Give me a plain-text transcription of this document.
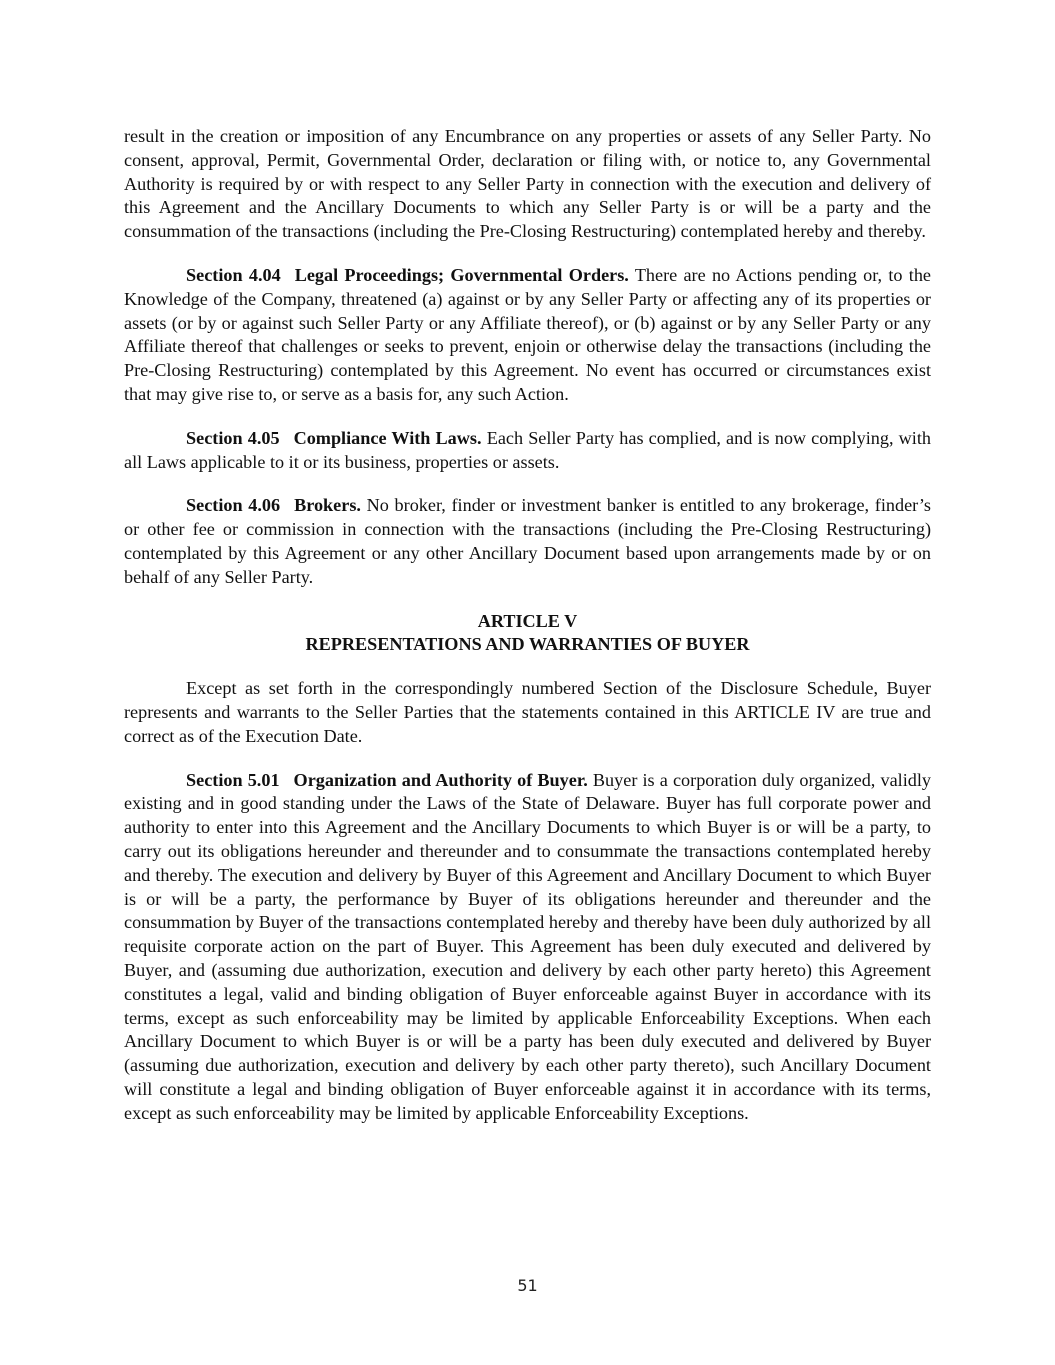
result in the creation or imposition of any Encumbrance on any properties or assets of any Seller Party. No consent, approval, Permit, Governmental Order, declaration or filing with, or notice to, any Governmental Authority is required by or with respect to any Seller Party in connection with the execution and delivery of this Agreement and the Ancillary Documents to which any Seller Party is or will be a party and the consummation of the transactions (including the Pre-Closing Restructuring) contemplated hereby and thereby.

Section 4.04 Legal Proceedings; Governmental Orders. There are no Actions pending or, to the Knowledge of the Company, threatened (a) against or by any Seller Party or affecting any of its properties or assets (or by or against such Seller Party or any Affiliate thereof), or (b) against or by any Seller Party or any Affiliate thereof that challenges or seeks to prevent, enjoin or otherwise delay the transactions (including the Pre-Closing Restructuring) contemplated by this Agreement. No event has occurred or circumstances exist that may give rise to, or serve as a basis for, any such Action.

Section 4.05 Compliance With Laws. Each Seller Party has complied, and is now complying, with all Laws applicable to it or its business, properties or assets.

Section 4.06 Brokers. No broker, finder or investment banker is entitled to any brokerage, finder’s or other fee or commission in connection with the transactions (including the Pre-Closing Restructuring) contemplated by this Agreement or any other Ancillary Document based upon arrangements made by or on behalf of any Seller Party.

ARTICLE V
REPRESENTATIONS AND WARRANTIES OF BUYER

Except as set forth in the correspondingly numbered Section of the Disclosure Schedule, Buyer represents and warrants to the Seller Parties that the statements contained in this ARTICLE IV are true and correct as of the Execution Date.

Section 5.01 Organization and Authority of Buyer. Buyer is a corporation duly organized, validly existing and in good standing under the Laws of the State of Delaware. Buyer has full corporate power and authority to enter into this Agreement and the Ancillary Documents to which Buyer is or will be a party, to carry out its obligations hereunder and thereunder and to consummate the transactions contemplated hereby and thereby. The execution and delivery by Buyer of this Agreement and Ancillary Document to which Buyer is or will be a party, the performance by Buyer of its obligations hereunder and thereunder and the consummation by Buyer of the transactions contemplated hereby and thereby have been duly authorized by all requisite corporate action on the part of Buyer. This Agreement has been duly executed and delivered by Buyer, and (assuming due authorization, execution and delivery by each other party hereto) this Agreement constitutes a legal, valid and binding obligation of Buyer enforceable against Buyer in accordance with its terms, except as such enforceability may be limited by applicable Enforceability Exceptions. When each Ancillary Document to which Buyer is or will be a party has been duly executed and delivered by Buyer (assuming due authorization, execution and delivery by each other party thereto), such Ancillary Document will constitute a legal and binding obligation of Buyer enforceable against it in accordance with its terms, except as such enforceability may be limited by applicable Enforceability Exceptions.

51
